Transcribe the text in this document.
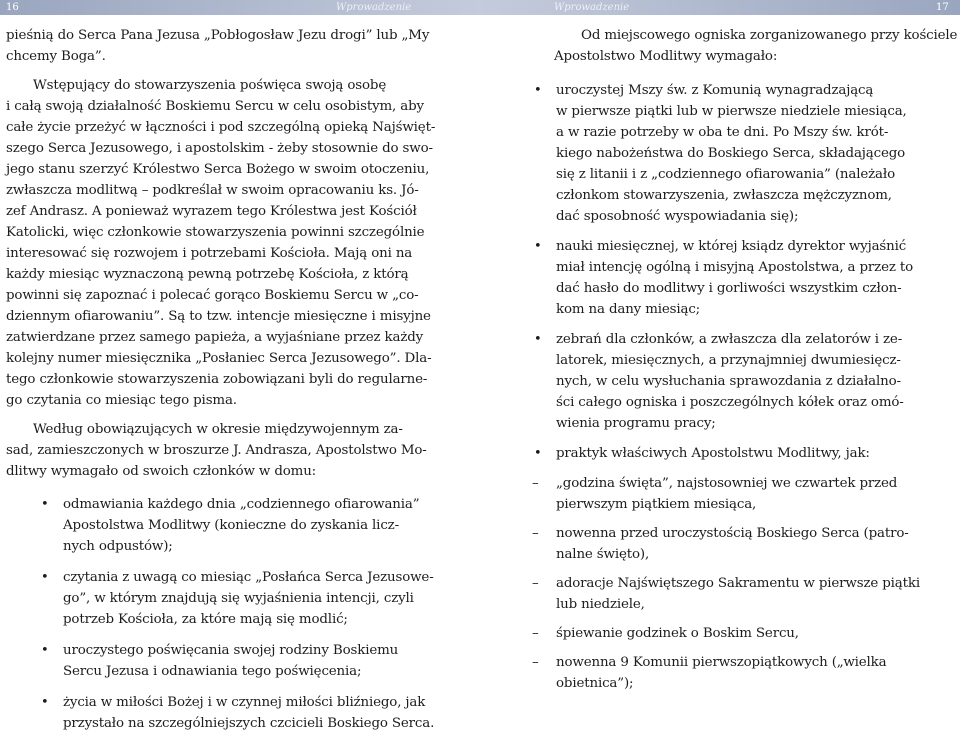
16	Wprowadzenie	Wprowadzenie	17

pieśnią do Serca Pana Jezusa „Pobłogosław Jezu drogi” lub „My
chcemy Boga”.

Wstępujący do stowarzyszenia poświęca swoją osobę
i całą swoją działalność Boskiemu Sercu w celu osobistym, aby
całe życie przeżyć w łączności i pod szczególną opieką Najświęt-
szego Serca Jezusowego, i apostolskim - żeby stosownie do swo-
jego stanu szerzyć Królestwo Serca Bożego w swoim otoczeniu,
zwłaszcza modlitwą – podkreślał w swoim opracowaniu ks. Jó-
zef Andrasz. A ponieważ wyrazem tego Królestwa jest Kościół
Katolicki, więc członkowie stowarzyszenia powinni szczególnie
interesować się rozwojem i potrzebami Kościoła. Mają oni na
każdy miesiąc wyznaczoną pewną potrzebę Kościoła, z którą
powinni się zapoznać i polecać gorąco Boskiemu Sercu w „co-
dziennym ofiarowaniu”. Są to tzw. intencje miesięczne i misyjne
zatwierdzane przez samego papieża, a wyjaśniane przez każdy
kolejny numer miesięcznika „Posłaniec Serca Jezusowego”. Dla-
tego członkowie stowarzyszenia zobowiązani byli do regularne-
go czytania co miesiąc tego pisma.

Według obowiązujących w okresie międzywojennym za-
sad, zamieszczonych w broszurze J. Andrasza, Apostolstwo Mo-
dlitwy wymagało od swoich członków w domu:

• odmawiania każdego dnia „codziennego ofiarowania”
Apostolstwa Modlitwy (konieczne do zyskania licz-
nych odpustów);
• czytania z uwagą co miesiąc „Posłańca Serca Jezusowe-
go”, w którym znajdują się wyjaśnienia intencji, czyli
potrzeb Kościoła, za które mają się modlić;
• uroczystego poświęcania swojej rodziny Boskiemu
Sercu Jezusa i odnawiania tego poświęcenia;
• życia w miłości Bożej i w czynnej miłości bliźniego, jak
przystało na szczególniejszych czcicieli Boskiego Serca.

Od miejscowego ogniska zorganizowanego przy kościele
Apostolstwo Modlitwy wymagało:

• uroczystej Mszy św. z Komunią wynagradzającą
w pierwsze piątki lub w pierwsze niedziele miesiąca,
a w razie potrzeby w oba te dni. Po Mszy św. krót-
kiego nabożeństwa do Boskiego Serca, składającego
się z litanii i z „codziennego ofiarowania” (należało
członkom stowarzyszenia, zwłaszcza mężczyznom,
dać sposobność wyspowiadania się);
• nauki miesięcznej, w której ksiądz dyrektor wyjaśnić
miał intencję ogólną i misyjną Apostolstwa, a przez to
dać hasło do modlitwy i gorliwości wszystkim człon-
kom na dany miesiąc;
• zebrań dla członków, a zwłaszcza dla zelatorów i ze-
latorek, miesięcznych, a przynajmniej dwumiesięcz-
nych, w celu wysłuchania sprawozdania z działalno-
ści całego ogniska i poszczególnych kółek oraz omó-
wienia programu pracy;
• praktyk właściwych Apostolstwu Modlitwy, jak:
– „godzina święta”, najstosowniej we czwartek przed
pierwszym piątkiem miesiąca,
– nowenna przed uroczystością Boskiego Serca (patro-
nalne święto),
– adoracje Najświętszego Sakramentu w pierwsze piątki
lub niedziele,
– śpiewanie godzinek o Boskim Sercu,
– nowenna 9 Komunii pierwszopiątkowych („wielka
obietnica”);
